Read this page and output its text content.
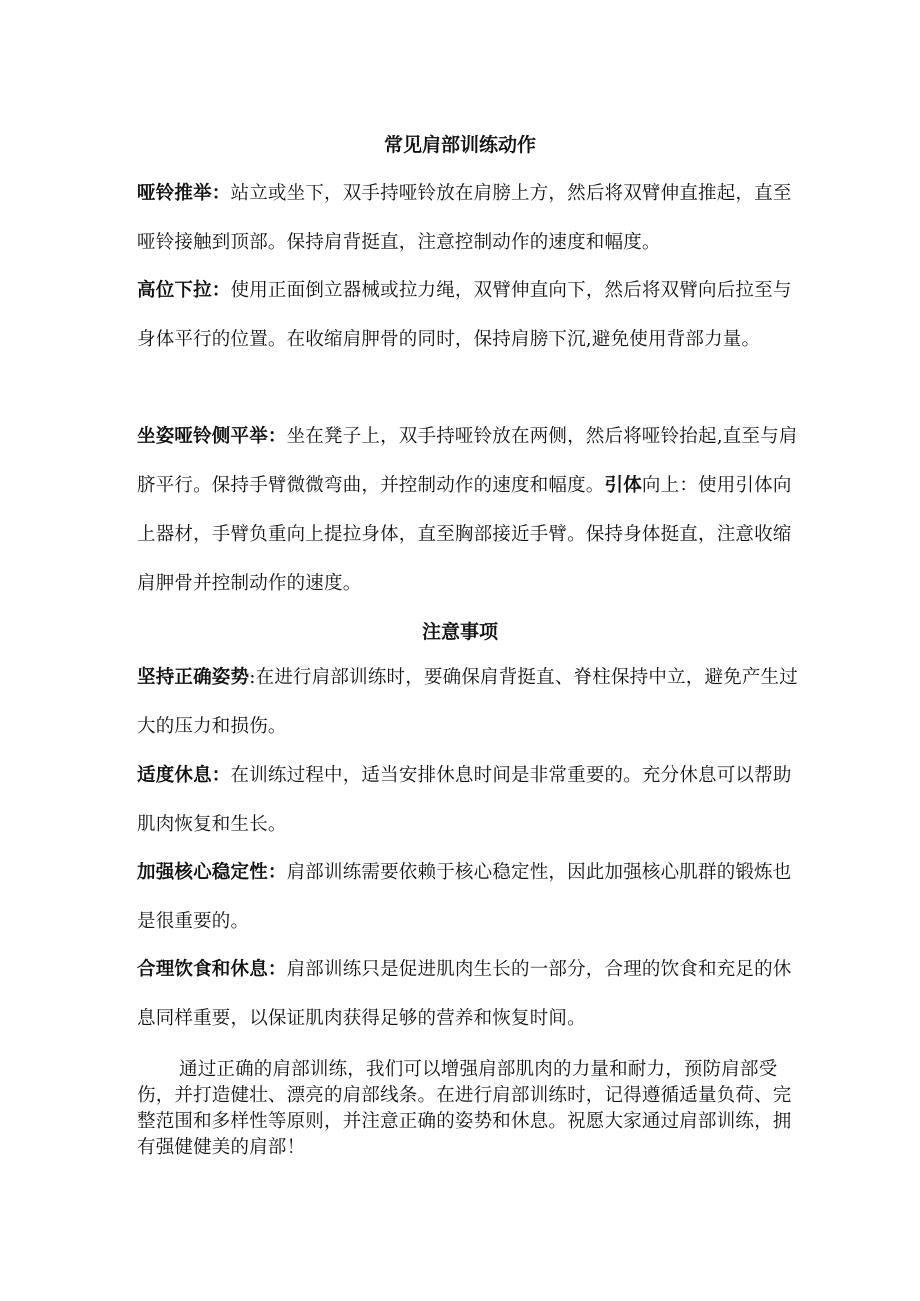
常见肩部训练动作

哑铃推举：站立或坐下，双手持哑铃放在肩膀上方，然后将双臂伸直推起，直至哑铃接触到顶部。保持肩背挺直，注意控制动作的速度和幅度。

高位下拉：使用正面倒立器械或拉力绳，双臂伸直向下，然后将双臂向后拉至与身体平行的位置。在收缩肩胛骨的同时，保持肩膀下沉,避免使用背部力量。

坐姿哑铃侧平举：坐在凳子上，双手持哑铃放在两侧，然后将哑铃抬起,直至与肩脐平行。保持手臂微微弯曲，并控制动作的速度和幅度。引体向上：使用引体向上器材，手臂负重向上提拉身体，直至胸部接近手臂。保持身体挺直，注意收缩肩胛骨并控制动作的速度。

注意事项

坚持正确姿势:在进行肩部训练时，要确保肩背挺直、脊柱保持中立，避免产生过大的压力和损伤。

适度休息：在训练过程中，适当安排休息时间是非常重要的。充分休息可以帮助肌肉恢复和生长。

加强核心稳定性：肩部训练需要依赖于核心稳定性，因此加强核心肌群的锻炼也是很重要的。

合理饮食和休息：肩部训练只是促进肌肉生长的一部分，合理的饮食和充足的休息同样重要，以保证肌肉获得足够的营养和恢复时间。

通过正确的肩部训练，我们可以增强肩部肌肉的力量和耐力，预防肩部受伤，并打造健壮、漂亮的肩部线条。在进行肩部训练时，记得遵循适量负荷、完整范围和多样性等原则，并注意正确的姿势和休息。祝愿大家通过肩部训练，拥有强健健美的肩部！
